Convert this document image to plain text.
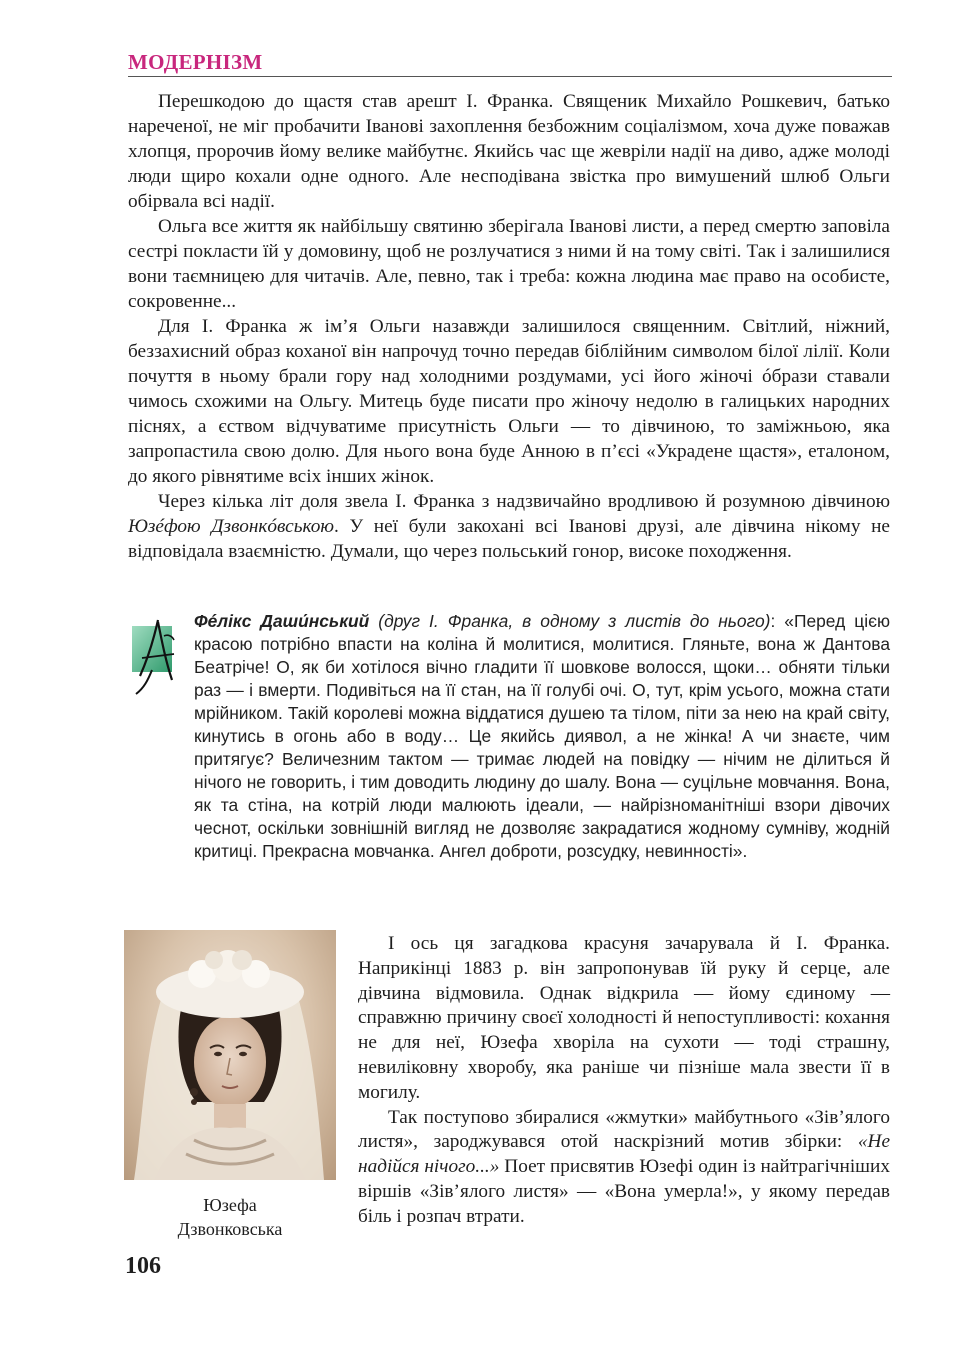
МОДЕРНІЗМ

Перешкодою до щастя став арешт І. Франка. Священик Михайло Рошкевич, батько нареченої, не міг пробачити Іванові захоплення безбожним соціалізмом, хоча дуже поважав хлопця, пророчив йому велике майбутнє. Якийсь час ще жевріли надії на диво, адже молоді люди щиро кохали одне одного. Але несподівана звістка про вимушений шлюб Ольги обірвала всі надії.

Ольга все життя як найбільшу святиню зберігала Іванові листи, а перед смертю заповіла сестрі покласти їй у домовину, щоб не розлучатися з ними й на тому світі. Так і залишилися вони таємницею для читачів. Але, певно, так і треба: кожна людина має право на особисте, сокровенне...

Для І. Франка ж ім’я Ольги назавжди залишилося священним. Світлий, ніжний, беззахисний образ коханої він напрочуд точно передав біблійним символом білої лілії. Коли почуття в ньому брали гору над холодними роздумами, усі його жіночі óбрази ставали чимось схожими на Ольгу. Митець буде писати про жіночу недолю в галицьких народних піснях, а єством відчуватиме присутність Ольги — то дівчиною, то заміжньою, яка запропастила свою долю. Для нього вона буде Анною в п’єсі «Украдене щастя», еталоном, до якого рівнятиме всіх інших жінок.

Через кілька літ доля звела І. Франка з надзвичайно вродливою й розумною дівчиною Юзéфою Дзвонкóвською. У неї були закохані всі Іванові друзі, але дівчина нікому не відповідала взаємністю. Думали, що через польський гонор, високе походження.

Фéлікс Даши́нський (друг І. Франка, в одному з листів до нього): «Перед цією красою потрібно впасти на коліна й молитися, молитися. Гляньте, вона ж Дантова Беатріче! О, як би хотілося вічно гладити її шовкове волосся, щоки… обняти тільки раз — і вмерти. Подивіться на її стан, на її голубі очі. О, тут, крім усього, можна стати мрійником. Такій королеві можна віддатися душею та тілом, піти за нею на край світу, кинутись в огонь або в воду… Це якийсь диявол, а не жінка! А чи знаєте, чим притягує? Величезним тактом — тримає людей на повідку — нічим не ділиться й нічого не говорить, і тим доводить людину до шалу. Вона — суцільне мовчання. Вона, як та стіна, на котрій люди малюють ідеали, — найрізноманітніші взори дівочих чеснот, оскільки зовнішній вигляд не дозволяє закрадатися жодному сумніву, жодній критиці. Прекрасна мовчанка. Ангел доброти, розсудку, невинності».
Юзефа
Дзвонковська

І ось ця загадкова красуня зачарувала й І. Франка. Наприкінці 1883 р. він запропонував їй руку й серце, але дівчина відмовила. Однак відкрила — йому єдиному — справжню причину своєї холодності й непоступливості: кохання не для неї, Юзефа хворіла на сухоти — тоді страшну, невиліковну хворобу, яка раніше чи пізніше мала звести її в могилу.

Так поступово збиралися «жмутки» майбутнього «Зів’ялого листя», зароджувався отой наскрізний мотив збірки: «Не надійся нічого...» Поет присвятив Юзефі один із найтрагічніших віршів «Зів’ялого листя» — «Вона умерла!», у якому передав біль і розпач втрати.

106
